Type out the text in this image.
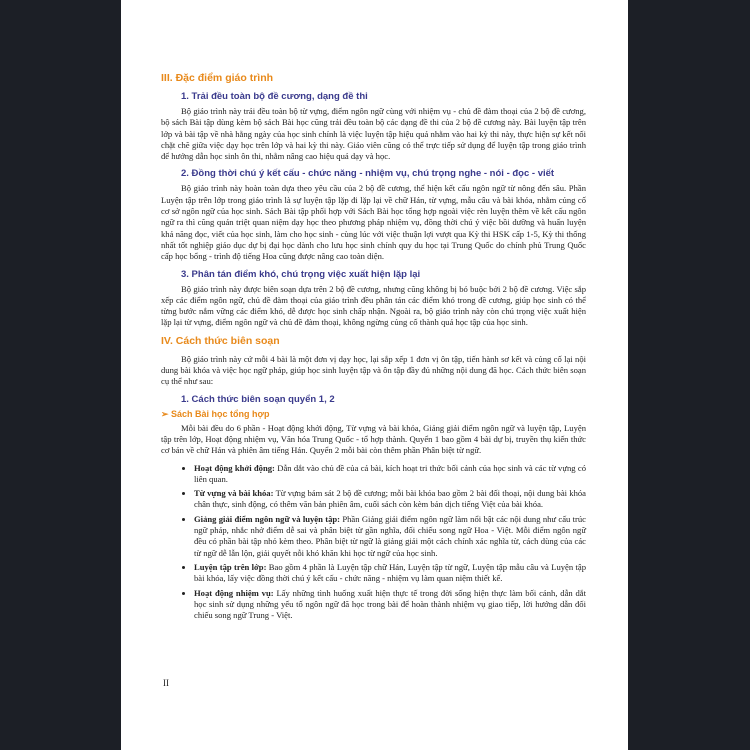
III. Đặc điểm giáo trình
1. Trải đều toàn bộ đề cương, dạng đề thi

Bộ giáo trình này trải đều toàn bộ từ vựng, điểm ngôn ngữ cùng với nhiệm vụ - chủ đề đàm thoại của 2 bộ đề cương, bộ sách Bài tập dùng kèm bộ sách Bài học cũng trải đều toàn bộ các dạng đề thi của 2 bộ đề cương này. Bài luyện tập trên lớp và bài tập về nhà hằng ngày của học sinh chính là việc luyện tập hiệu quả nhằm vào hai kỳ thi này, thực hiện sự kết nối chặt chẽ giữa việc dạy học trên lớp và hai kỳ thi này. Giáo viên cũng có thể trực tiếp sử dụng để luyện tập trong giáo trình để hướng dẫn học sinh ôn thi, nhằm nâng cao hiệu quả dạy và học.

2. Đồng thời chú ý kết cấu - chức năng - nhiệm vụ, chú trọng nghe - nói - đọc - viết

Bộ giáo trình này hoàn toàn dựa theo yêu cầu của 2 bộ đề cương, thể hiện kết cấu ngôn ngữ từ nông đến sâu. Phần Luyện tập trên lớp trong giáo trình là sự luyện tập lặp đi lặp lại về chữ Hán, từ vựng, mẫu câu và bài khóa, nhằm củng cố cơ sở ngôn ngữ của học sinh. Sách Bài tập phối hợp với Sách Bài học tổng hợp ngoài việc rèn luyện thêm về kết cấu ngôn ngữ ra thì cũng quán triệt quan niệm dạy học theo phương pháp nhiệm vụ, đồng thời chú ý việc bồi dưỡng và huấn luyện khả năng đọc, viết của học sinh, làm cho học sinh - cùng lúc với việc thuận lợi vượt qua Kỳ thi HSK cấp 1-5, Kỳ thi thống nhất tốt nghiệp giáo dục dự bị đại học dành cho lưu học sinh chính quy du học tại Trung Quốc do chính phủ Trung Quốc cấp học bổng - trình độ tiếng Hoa cũng được nâng cao toàn diện.

3. Phân tán điểm khó, chú trọng việc xuất hiện lặp lại

Bộ giáo trình này được biên soạn dựa trên 2 bộ đề cương, nhưng cũng không bị bó buộc bởi 2 bộ đề cương. Việc sắp xếp các điểm ngôn ngữ, chủ đề đàm thoại của giáo trình đều phân tán các điểm khó trong đề cương, giúp học sinh có thể từng bước nắm vững các điểm khó, dễ được học sinh chấp nhận. Ngoài ra, bộ giáo trình này còn chú trọng việc xuất hiện lặp lại từ vựng, điểm ngôn ngữ và chủ đề đàm thoại, không ngừng củng cố thành quả học tập của học sinh.

IV. Cách thức biên soạn

Bộ giáo trình này cứ mỗi 4 bài là một đơn vị dạy học, lại sắp xếp 1 đơn vị ôn tập, tiến hành sơ kết và củng cố lại nội dung bài khóa và việc học ngữ pháp, giúp học sinh luyện tập và ôn tập đầy đủ những nội dung đã học. Cách thức biên soạn cụ thể như sau:

1. Cách thức biên soạn quyển 1, 2
➢ Sách Bài học tổng hợp

Mỗi bài đều do 6 phần - Hoạt động khởi động, Từ vựng và bài khóa, Giảng giải điểm ngôn ngữ và luyện tập, Luyện tập trên lớp, Hoạt động nhiệm vụ, Văn hóa Trung Quốc - tổ hợp thành. Quyển 1 bao gồm 4 bài dự bị, truyền thụ kiến thức cơ bản về chữ Hán và phiên âm tiếng Hán. Quyển 2 mỗi bài còn thêm phần Phân biệt từ ngữ.

• Hoạt động khởi động: Dẫn dắt vào chủ đề của cả bài, kích hoạt tri thức bối cảnh của học sinh và các từ vựng có liên quan.
• Từ vựng và bài khóa: Từ vựng bám sát 2 bộ đề cương; mỗi bài khóa bao gồm 2 bài đối thoại, nội dung bài khóa chân thực, sinh động, có thêm văn bản phiên âm, cuối sách còn kèm bản dịch tiếng Việt của bài khóa.
• Giảng giải điểm ngôn ngữ và luyện tập: Phần Giảng giải điểm ngôn ngữ làm nổi bật các nội dung như cấu trúc ngữ pháp, nhắc nhở điểm dễ sai và phân biệt từ gần nghĩa, đối chiếu song ngữ Hoa - Việt. Mỗi điểm ngôn ngữ đều có phần bài tập nhỏ kèm theo. Phân biệt từ ngữ là giảng giải một cách chính xác nghĩa từ, cách dùng của các từ ngữ dễ lẫn lộn, giải quyết nỗi khó khăn khi học từ ngữ của học sinh.
• Luyện tập trên lớp: Bao gồm 4 phần là Luyện tập chữ Hán, Luyện tập từ ngữ, Luyện tập mẫu câu và Luyện tập bài khóa, lấy việc đồng thời chú ý kết cấu - chức năng - nhiệm vụ làm quan niệm thiết kế.
• Hoạt động nhiệm vụ: Lấy những tình huống xuất hiện thực tế trong đời sống hiện thực làm bối cảnh, dẫn dắt học sinh sử dụng những yếu tố ngôn ngữ đã học trong bài để hoàn thành nhiệm vụ giao tiếp, lời hướng dẫn đối chiếu song ngữ Trung - Việt.
II
